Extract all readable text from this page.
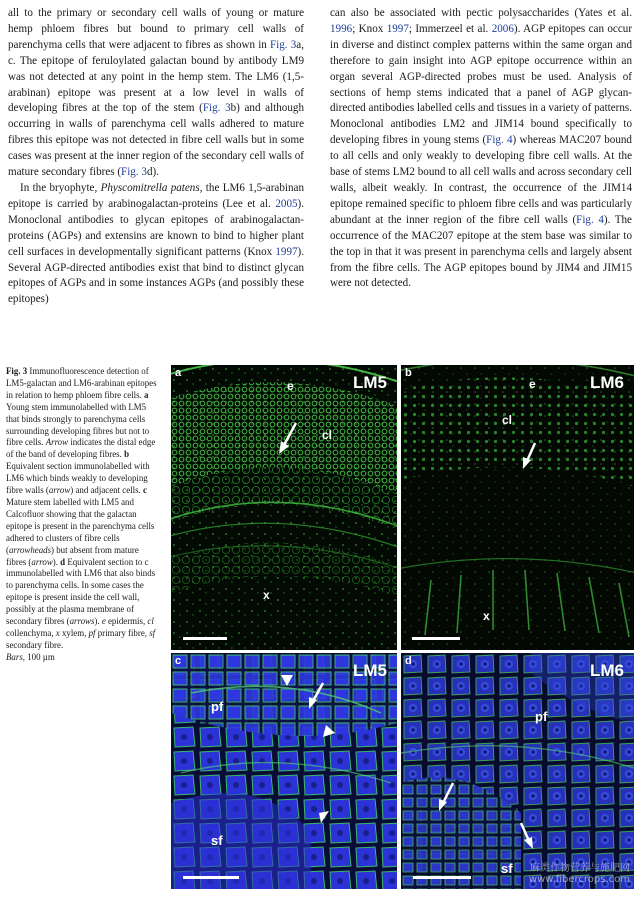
all to the primary or secondary cell walls of young or mature hemp phloem fibres but bound to primary cell walls of parenchyma cells that were adjacent to fibres as shown in Fig. 3a, c. The epitope of feruloylated galactan bound by antibody LM9 was not detected at any point in the hemp stem. The LM6 (1,5-arabinan) epitope was present at a low level in walls of developing fibres at the top of the stem (Fig. 3b) and although occurring in walls of parenchyma cell walls adhered to mature fibres this epitope was not detected in fibre cell walls but in some cases was present at the inner region of the secondary cell walls of mature secondary fibres (Fig. 3d).

In the bryophyte, Physcomitrella patens, the LM6 1,5-arabinan epitope is carried by arabinogalactan-proteins (Lee et al. 2005). Monoclonal antibodies to glycan epitopes of arabinogalactan-proteins (AGPs) and extensins are known to bind to higher plant cell surfaces in developmentally significant patterns (Knox 1997). Several AGP-directed antibodies exist that bind to distinct glycan epitopes of AGPs and in some instances AGPs (and possibly these epitopes)

can also be associated with pectic polysaccharides (Yates et al. 1996; Knox 1997; Immerzeel et al. 2006). AGP epitopes can occur in diverse and distinct complex patterns within the same organ and therefore to gain insight into AGP epitope occurrence within an organ several AGP-directed probes must be used. Analysis of sections of hemp stems indicated that a panel of AGP glycan-directed antibodies labelled cells and tissues in a variety of patterns. Monoclonal antibodies LM2 and JIM14 bound specifically to developing fibres in young stems (Fig. 4) whereas MAC207 bound to all cells and only weakly to developing fibre cell walls. At the base of stems LM2 bound to all cell walls and across secondary cell walls, albeit weakly. In contrast, the occurrence of the JIM14 epitope remained specific to phloem fibre cells and was particularly abundant at the inner region of the fibre cell walls (Fig. 4). The occurrence of the MAC207 epitope at the stem base was similar to the top in that it was present in parenchyma cells and largely absent from the fibre cells. The AGP epitopes bound by JIM4 and JIM15 were not detected.

Fig. 3 Immunofluorescence detection of LM5-galactan and LM6-arabinan epitopes in relation to hemp phloem fibre cells. a Young stem immunolabelled with LM5 that binds strongly to parenchyma cells surrounding developing fibres but not to fibre cells. Arrow indicates the distal edge of the band of developing fibres. b Equivalent section immunolabelled with LM6 which binds weakly to developing fibre walls (arrow) and adjacent cells. c Mature stem labelled with LM5 and Calcofluor showing that the galactan epitope is present in the parenchyma cells adhered to clusters of fibre cells (arrowheads) but absent from mature fibres (arrow). d Equivalent section to c immunolabelled with LM6 that also binds to parenchyma cells. In some cases the epitope is present inside the cell wall, possibly at the plasma membrane of secondary fibres (arrows). e epidermis, cl collenchyma, x xylem, pf primary fibre, sf secondary fibre.
Bars, 100 µm

a	LM5
e
cl
x
b	LM6
e
cl
x
c	LM5
pf
sf
d	LM6
pf
sf 麻类作物营养与施肥网
www.fibercrops.com
